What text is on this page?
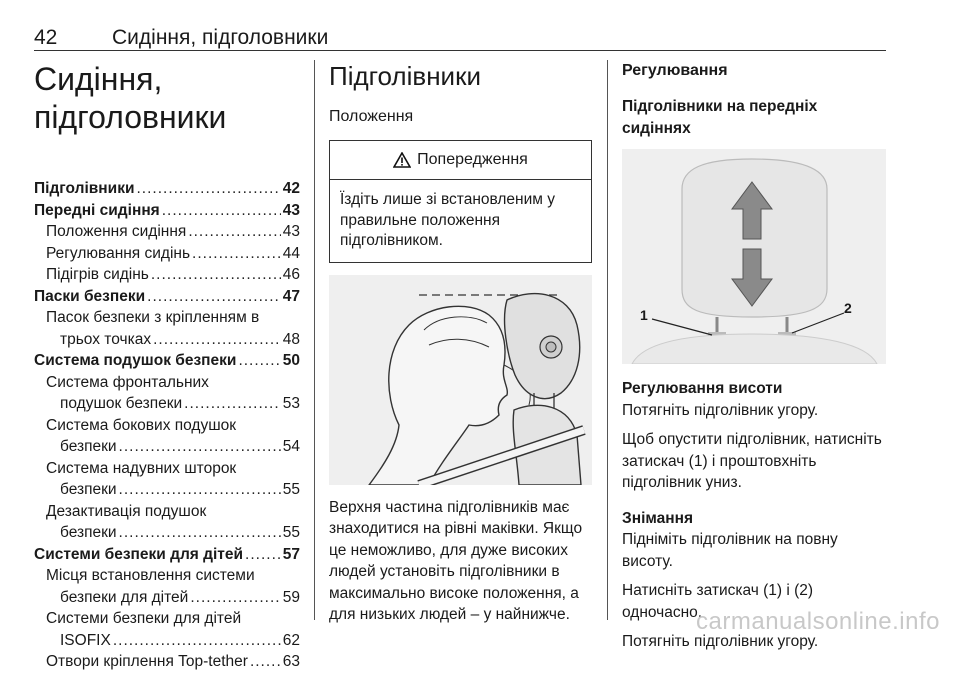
42	Сидіння, підголовники
Сидіння,
підголовники
Підголівники .....	42
Передні сидіння .....	43
Положення сидіння .....	43
Регулювання сидінь .....	44
Підігрів сидінь .....	46
Паски безпеки .....	47
Пасок безпеки з кріпленням в
трьох точках .....	48
Система подушок безпеки .....	50
Система фронтальних
подушок безпеки .....	53
Система бокових подушок
безпеки .....	54
Система надувних шторок
безпеки .....	55
Дезактивація подушок
безпеки .....	55
Системи безпеки для дітей .....	57
Місця встановлення системи
безпеки для дітей .....	59
Системи безпеки для дітей
ISOFIX .....	62
Отвори кріплення Top-tether ..... 63
Підголівники
Положення
Попередження
Їздіть лише зі встановленим у правильне положення підголівником.

Верхня частина підголівників має знаходитися на рівні маківки. Якщо це неможливо, для дуже високих людей установіть підголівники в максимально високе положення, а для низьких людей – у найнижче.

Регулювання
Підголівники на передніх сидіннях
1	2
Регулювання висоти

Потягніть підголівник угору.

Щоб опустити підголівник, натисніть затискач (1) і проштовхніть підголівник униз.

Знімання

Підніміть підголівник на повну висоту.

Натисніть затискач (1) і (2) одночасно.

Потягніть підголівник угору.

carmanualsonline.info
